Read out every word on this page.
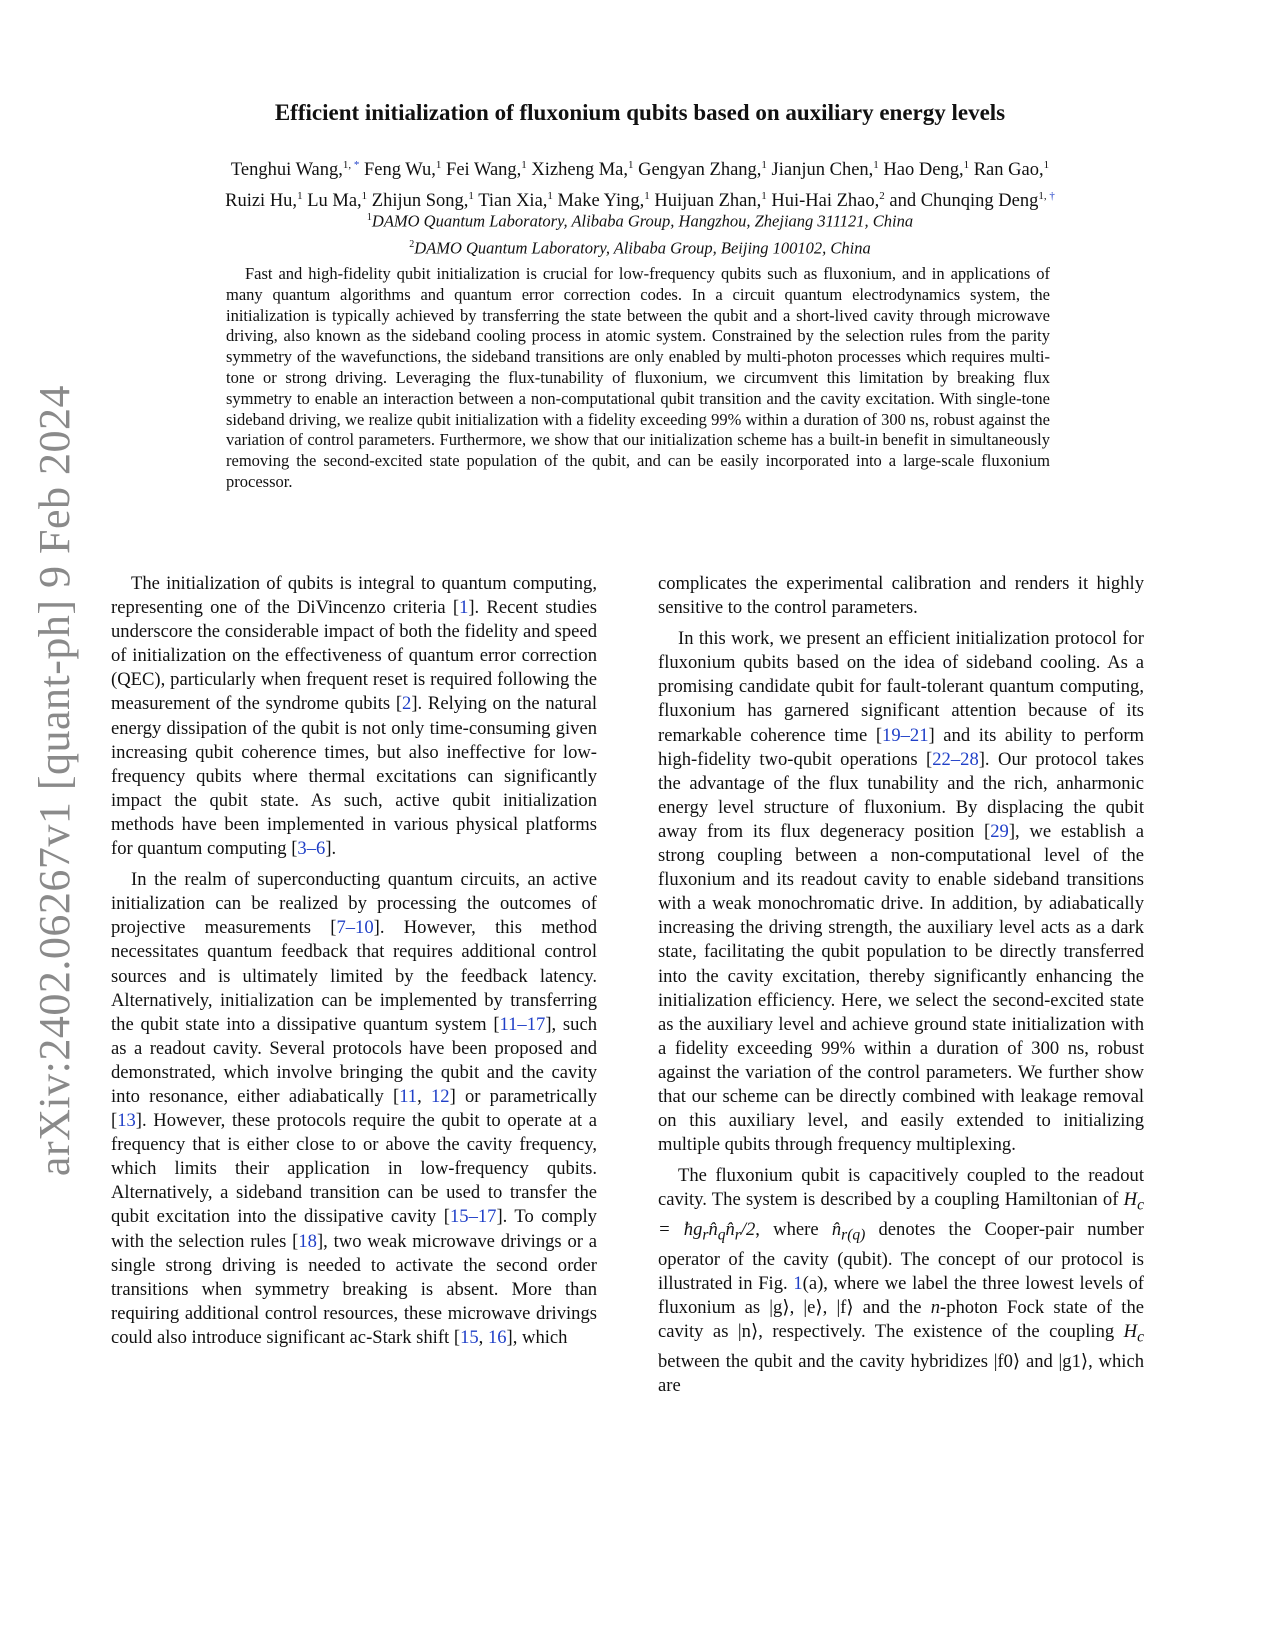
arXiv:2402.06267v1 [quant-ph] 9 Feb 2024
Efficient initialization of fluxonium qubits based on auxiliary energy levels
Tenghui Wang,$^{1,}$ * Feng Wu,$^1$ Fei Wang,$^1$ Xizheng Ma,$^1$ Gengyan Zhang,$^1$ Jianjun Chen,$^1$ Hao Deng,$^1$ Ran Gao,$^1$
Ruizi Hu,$^1$ Lu Ma,$^1$ Zhijun Song,$^1$ Tian Xia,$^1$ Make Ying,$^1$ Huijuan Zhan,$^1$ Hui-Hai Zhao,$^2$ and Chunqing Deng$^{1,}$ †
$^1$DAMO Quantum Laboratory, Alibaba Group, Hangzhou, Zhejiang 311121, China
$^2$DAMO Quantum Laboratory, Alibaba Group, Beijing 100102, China

Fast and high-fidelity qubit initialization is crucial for low-frequency qubits such as fluxonium, and in applications of many quantum algorithms and quantum error correction codes. In a circuit quantum electrodynamics system, the initialization is typically achieved by transferring the state between the qubit and a short-lived cavity through microwave driving, also known as the sideband cooling process in atomic system. Constrained by the selection rules from the parity symmetry of the wavefunctions, the sideband transitions are only enabled by multi-photon processes which requires multi-tone or strong driving. Leveraging the flux-tunability of fluxonium, we circumvent this limitation by breaking flux symmetry to enable an interaction between a non-computational qubit transition and the cavity excitation. With single-tone sideband driving, we realize qubit initialization with a fidelity exceeding 99% within a duration of 300 ns, robust against the variation of control parameters. Furthermore, we show that our initialization scheme has a built-in benefit in simultaneously removing the second-excited state population of the qubit, and can be easily incorporated into a large-scale fluxonium processor.

The initialization of qubits is integral to quantum computing, representing one of the DiVincenzo criteria [1]. Recent studies underscore the considerable impact of both the fidelity and speed of initialization on the effectiveness of quantum error correction (QEC), particularly when frequent reset is required following the measurement of the syndrome qubits [2]. Relying on the natural energy dissipation of the qubit is not only time-consuming given increasing qubit coherence times, but also ineffective for low-frequency qubits where thermal excitations can significantly impact the qubit state. As such, active qubit initialization methods have been implemented in various physical platforms for quantum computing [3–6].

In the realm of superconducting quantum circuits, an active initialization can be realized by processing the outcomes of projective measurements [7–10]. However, this method necessitates quantum feedback that requires additional control sources and is ultimately limited by the feedback latency. Alternatively, initialization can be implemented by transferring the qubit state into a dissipative quantum system [11–17], such as a readout cavity. Several protocols have been proposed and demonstrated, which involve bringing the qubit and the cavity into resonance, either adiabatically [11, 12] or parametrically [13]. However, these protocols require the qubit to operate at a frequency that is either close to or above the cavity frequency, which limits their application in low-frequency qubits. Alternatively, a sideband transition can be used to transfer the qubit excitation into the dissipative cavity [15–17]. To comply with the selection rules [18], two weak microwave drivings or a single strong driving is needed to activate the second order transitions when symmetry breaking is absent. More than requiring additional control resources, these microwave drivings could also introduce significant ac-Stark shift [15, 16], which

complicates the experimental calibration and renders it highly sensitive to the control parameters.

In this work, we present an efficient initialization protocol for fluxonium qubits based on the idea of sideband cooling. As a promising candidate qubit for fault-tolerant quantum computing, fluxonium has garnered significant attention because of its remarkable coherence time [19–21] and its ability to perform high-fidelity two-qubit operations [22–28]. Our protocol takes the advantage of the flux tunability and the rich, anharmonic energy level structure of fluxonium. By displacing the qubit away from its flux degeneracy position [29], we establish a strong coupling between a non-computational level of the fluxonium and its readout cavity to enable sideband transitions with a weak monochromatic drive. In addition, by adiabatically increasing the driving strength, the auxiliary level acts as a dark state, facilitating the qubit population to be directly transferred into the cavity excitation, thereby significantly enhancing the initialization efficiency. Here, we select the second-excited state as the auxiliary level and achieve ground state initialization with a fidelity exceeding 99% within a duration of 300 ns, robust against the variation of the control parameters. We further show that our scheme can be directly combined with leakage removal on this auxiliary level, and easily extended to initializing multiple qubits through frequency multiplexing.

The fluxonium qubit is capacitively coupled to the readout cavity. The system is described by a coupling Hamiltonian of $H_c$ = $ħg_rn̂_qn̂_r/2$, where $n̂_{r(q)}$ denotes the Cooper-pair number operator of the cavity (qubit). The concept of our protocol is illustrated in Fig. 1(a), where we label the three lowest levels of fluxonium as |g⟩, |e⟩, |f⟩ and the n-photon Fock state of the cavity as |n⟩, respectively. The existence of the coupling $H_c$ between the qubit and the cavity hybridizes |f0⟩ and |g1⟩, which are
